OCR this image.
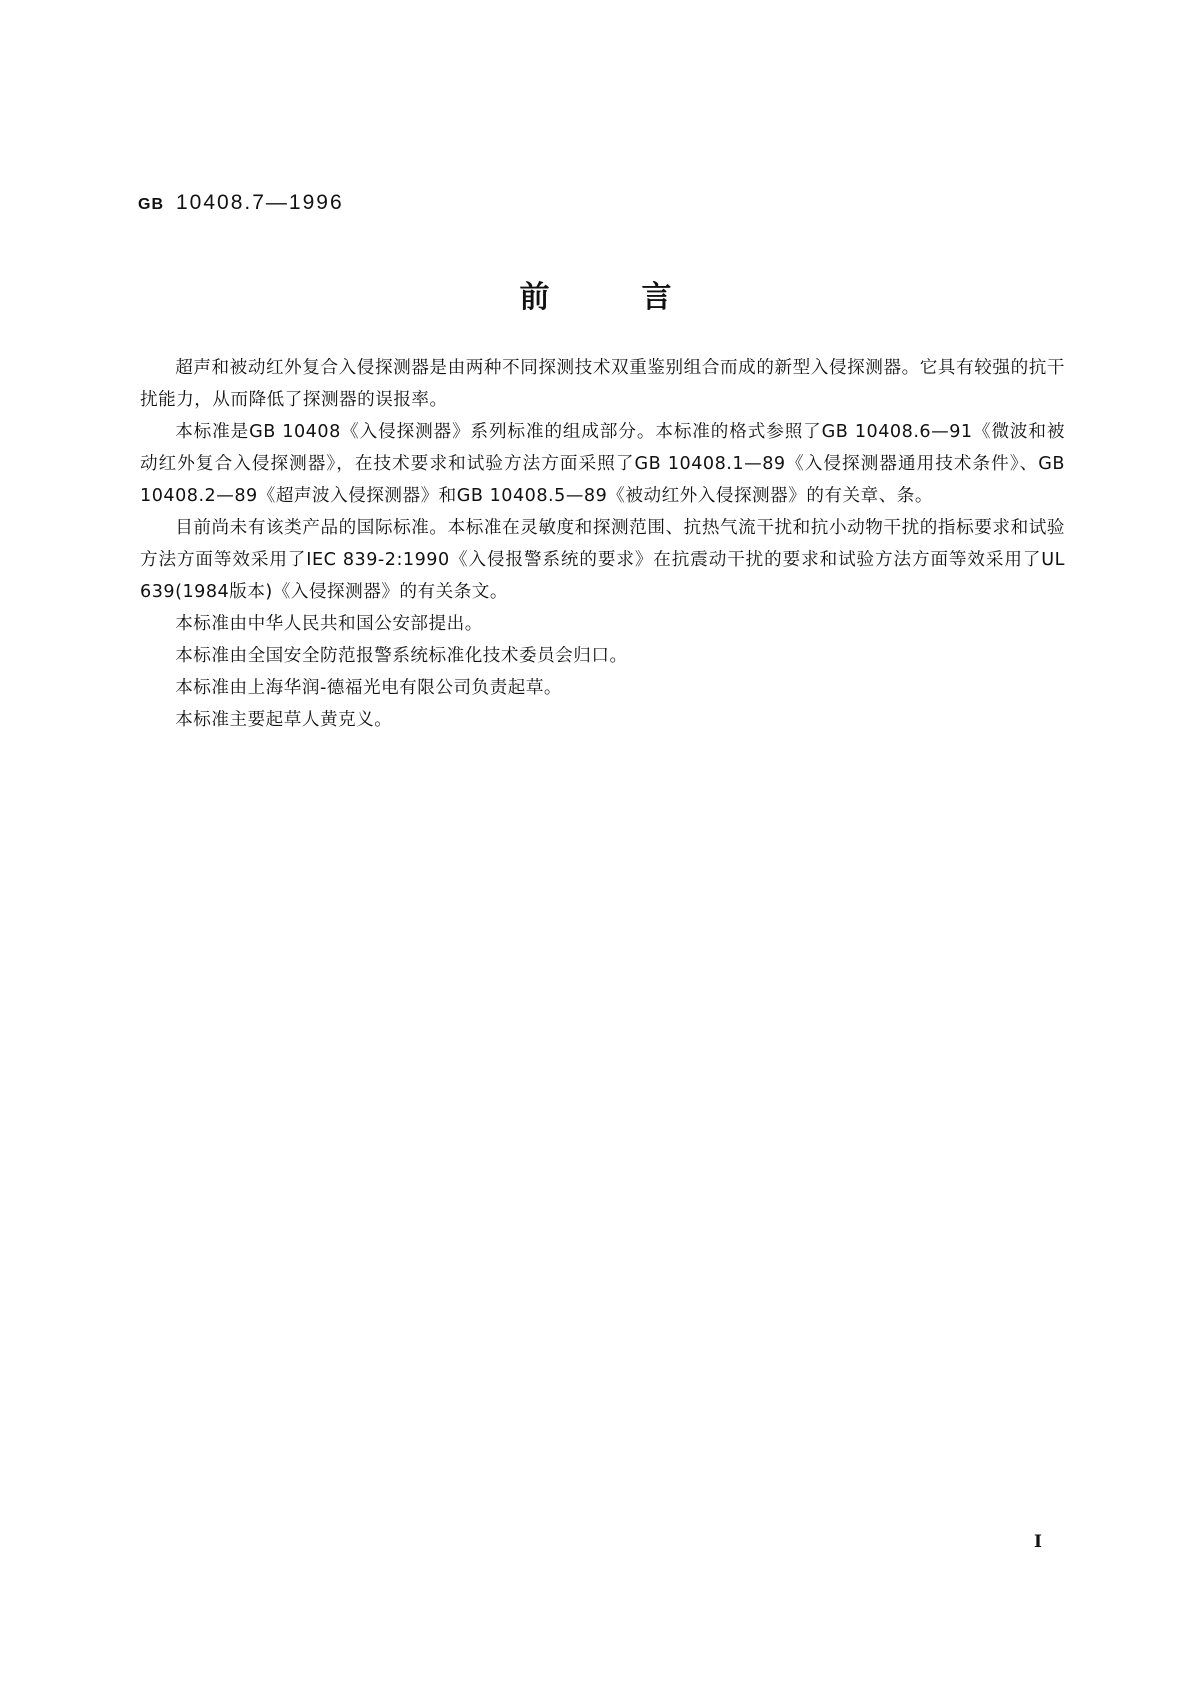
GB 10408.7—1996
前	言

超声和被动红外复合入侵探测器是由两种不同探测技术双重鉴别组合而成的新型入侵探测器。它具有较强的抗干扰能力，从而降低了探测器的误报率。

本标准是GB 10408《入侵探测器》系列标准的组成部分。本标准的格式参照了GB 10408.6—91《微波和被动红外复合入侵探测器》，在技术要求和试验方法方面采照了GB 10408.1—89《入侵探测器通用技术条件》、GB 10408.2—89《超声波入侵探测器》和GB 10408.5—89《被动红外入侵探测器》的有关章、条。

目前尚未有该类产品的国际标准。本标准在灵敏度和探测范围、抗热气流干扰和抗小动物干扰的指标要求和试验方法方面等效采用了IEC 839-2:1990《入侵报警系统的要求》在抗震动干扰的要求和试验方法方面等效采用了UL 639(1984版本)《入侵探测器》的有关条文。

本标准由中华人民共和国公安部提出。

本标准由全国安全防范报警系统标准化技术委员会归口。

本标准由上海华润-德福光电有限公司负责起草。

本标准主要起草人黄克义。

I
